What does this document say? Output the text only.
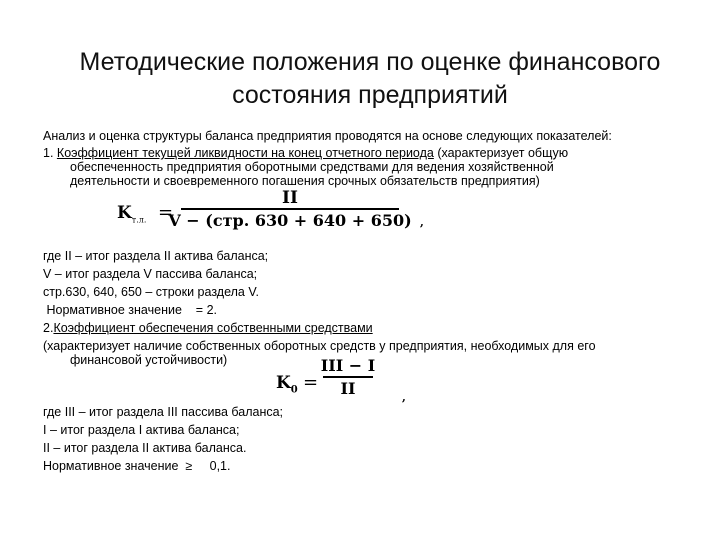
Методические положения по оценке финансового
состояния предприятий
Анализ и оценка структуры баланса предприятия проводятся на основе следующих показателей:
1. Коэффициент текущей ликвидности на конец отчетного периода (характеризует общую
обеспеченность предприятия оборотными средствами для ведения хозяйственной
деятельности и своевременного погашения срочных обязательств предприятия)
$K_{т.л.}$ =
II
V − (стр. 630 + 640 + 650) ,
где II – итог раздела II актива баланса;
V – итог раздела V пассива баланса;
стр.630, 640, 650 – строки раздела V.
Нормативное значение    = 2.
2.Коэффициент обеспечения собственными средствами
(характеризует наличие собственных оборотных средств у предприятия, необходимых для его
финансовой устойчивости)
$K_0$ =
III − I
II	,
где III – итог раздела III пассива баланса;
I – итог раздела I актива баланса;
II – итог раздела II актива баланса.
Нормативное значение  ≥     0,1.
